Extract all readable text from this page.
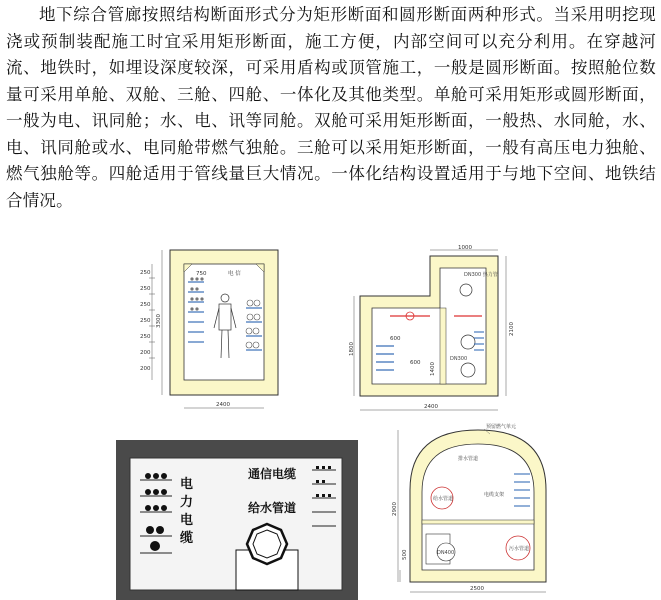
地下综合管廊按照结构断面形式分为矩形断面和圆形断面两种形式。当采用明挖现浇或预制装配施工时宜采用矩形断面，施工方便，内部空间可以充分利用。在穿越河流、地铁时，如埋设深度较深，可采用盾构或顶管施工，一般是圆形断面。按照舱位数量可采用单舱、双舱、三舱、四舱、一体化及其他类型。单舱可采用矩形或圆形断面，一般为电、讯同舱；水、电、讯等同舱。双舱可采用矩形断面，一般热、水同舱，水、电、讯同舱或水、电同舱带燃气独舱。三舱可以采用矩形断面，一般有高压电力独舱、燃气独舱等。四舱适用于管线量巨大情况。一体化结构设置适用于与地下空间、地铁结合情况。

250
250
250
250
250
200
200
3300
750	电 信
2400
1000
DN300 热力管
600
600
DN300
1800
2100
1400
2400
电
力
电
缆
通信电缆
给水管道
预留燃气单元
给水管道
电缆支架
排水管道
DN400
污水管道
2900
500
2500
